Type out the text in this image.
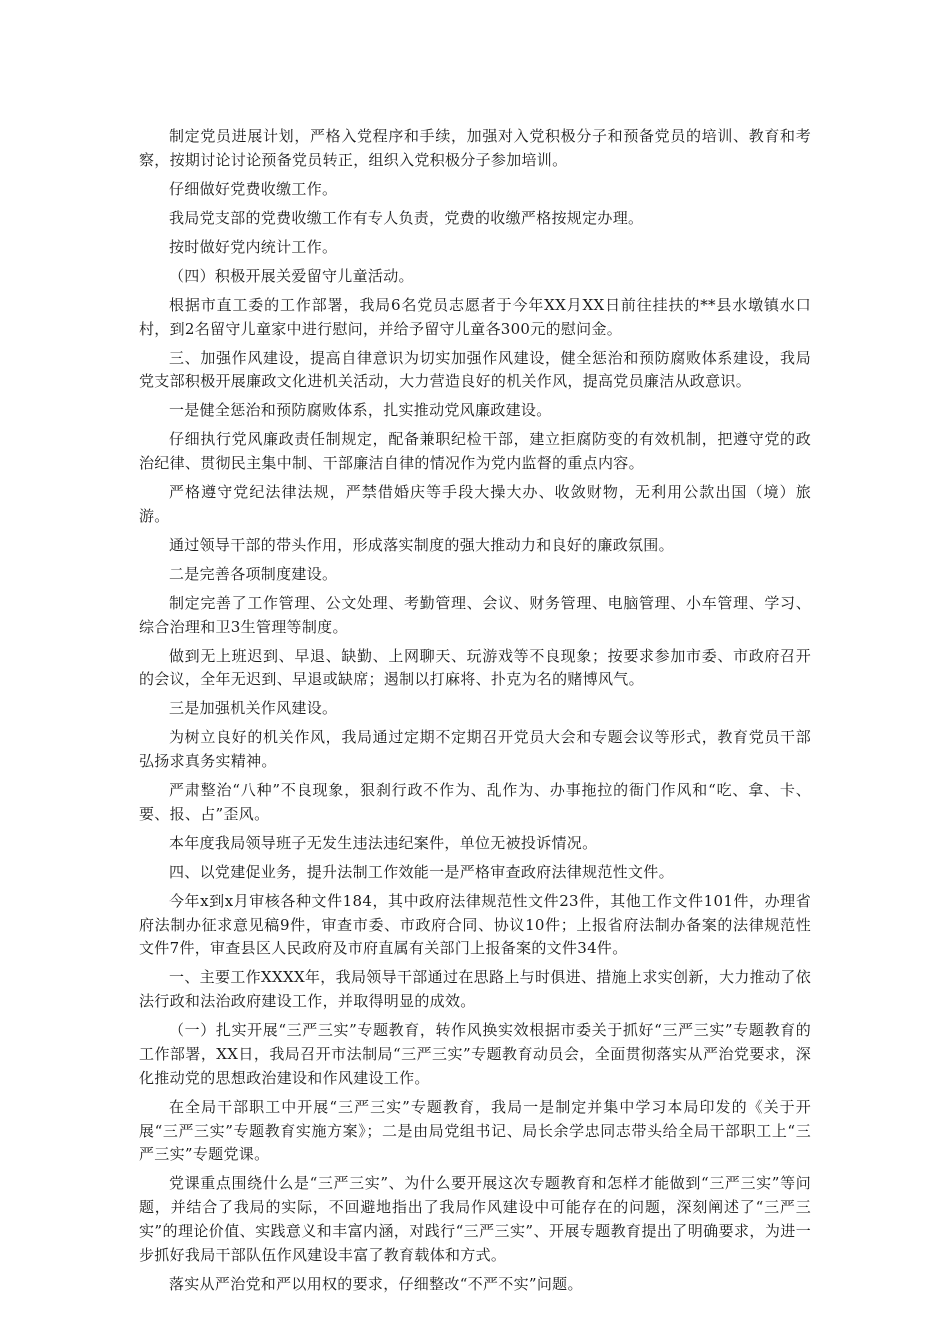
制定党员进展计划，严格入党程序和手续，加强对入党积极分子和预备党员的培训、教育和考察，按期讨论讨论预备党员转正，组织入党积极分子参加培训。

仔细做好党费收缴工作。

我局党支部的党费收缴工作有专人负责，党费的收缴严格按规定办理。

按时做好党内统计工作。

（四）积极开展关爱留守儿童活动。

根据市直工委的工作部署，我局6名党员志愿者于今年XX月XX日前往挂扶的**县水墩镇水口村，到2名留守儿童家中进行慰问，并给予留守儿童各300元的慰问金。

三、加强作风建设，提高自律意识为切实加强作风建设，健全惩治和预防腐败体系建设，我局党支部积极开展廉政文化进机关活动，大力营造良好的机关作风，提高党员廉洁从政意识。

一是健全惩治和预防腐败体系，扎实推动党风廉政建设。

仔细执行党风廉政责任制规定，配备兼职纪检干部，建立拒腐防变的有效机制，把遵守党的政治纪律、贯彻民主集中制、干部廉洁自律的情况作为党内监督的重点内容。

严格遵守党纪法律法规，严禁借婚庆等手段大操大办、收敛财物，无利用公款出国（境）旅游。

通过领导干部的带头作用，形成落实制度的强大推动力和良好的廉政氛围。

二是完善各项制度建设。

制定完善了工作管理、公文处理、考勤管理、会议、财务管理、电脑管理、小车管理、学习、综合治理和卫3生管理等制度。

做到无上班迟到、早退、缺勤、上网聊天、玩游戏等不良现象；按要求参加市委、市政府召开的会议，全年无迟到、早退或缺席；遏制以打麻将、扑克为名的赌博风气。

三是加强机关作风建设。

为树立良好的机关作风，我局通过定期不定期召开党员大会和专题会议等形式，教育党员干部弘扬求真务实精神。

严肃整治“八种”不良现象，狠刹行政不作为、乱作为、办事拖拉的衙门作风和“吃、拿、卡、要、报、占”歪风。

本年度我局领导班子无发生违法违纪案件，单位无被投诉情况。

四、以党建促业务，提升法制工作效能一是严格审查政府法律规范性文件。

今年x到x月审核各种文件184，其中政府法律规范性文件23件，其他工作文件101件，办理省府法制办征求意见稿9件，审查市委、市政府合同、协议10件；上报省府法制办备案的法律规范性文件7件，审查县区人民政府及市府直属有关部门上报备案的文件34件。

一、主要工作XXXX年，我局领导干部通过在思路上与时俱进、措施上求实创新，大力推动了依法行政和法治政府建设工作，并取得明显的成效。

（一）扎实开展“三严三实”专题教育，转作风换实效根据市委关于抓好“三严三实”专题教育的工作部署，XX日，我局召开市法制局“三严三实”专题教育动员会，全面贯彻落实从严治党要求，深化推动党的思想政治建设和作风建设工作。

在全局干部职工中开展“三严三实”专题教育，我局一是制定并集中学习本局印发的《关于开展“三严三实”专题教育实施方案》；二是由局党组书记、局长余学忠同志带头给全局干部职工上“三严三实”专题党课。

党课重点围绕什么是“三严三实”、为什么要开展这次专题教育和怎样才能做到“三严三实”等问题，并结合了我局的实际，不回避地指出了我局作风建设中可能存在的问题，深刻阐述了“三严三实”的理论价值、实践意义和丰富内涵，对践行“三严三实”、开展专题教育提出了明确要求，为进一步抓好我局干部队伍作风建设丰富了教育载体和方式。

落实从严治党和严以用权的要求，仔细整改“不严不实”问题。
